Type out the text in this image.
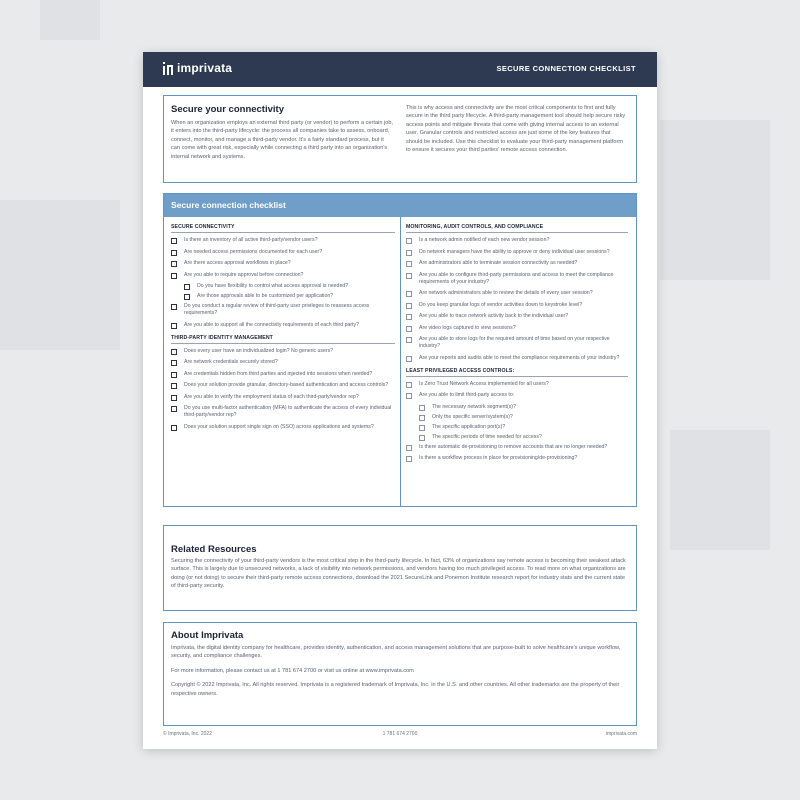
imprivata	SECURE CONNECTION CHECKLIST
Secure your connectivity
When an organization employs an external third party (or vendor) to perform a certain job, it enters into the third-party lifecycle: the process all companies take to assess, onboard, connect, monitor, and manage a third-party vendor. It's a fairly standard process, but it can come with great risk, especially while connecting a third party into an organization's internal network and systems.
This is why access and connectivity are the most critical components to first and fully secure in the third party lifecycle. A third-party management tool should help secure risky access points and mitigate threats that come with giving internal access to an external user. Granular controls and restricted access are just some of the key features that should be included. Use this checklist to evaluate your third-party management platform to ensure it secures your third parties' remote access connection.
Secure connection checklist
SECURE CONNECTIVITY
Is there an inventory of all active third-party/vendor users?
Are needed access permissions documented for each user?
Are there access approval workflows in place?
Are you able to require approval before connection?
Do you have flexibility to control what access approval is needed?
Are those approvals able to be customized per application?
Do you conduct a regular review of third-party user privileges to reassess access requirements?
Are you able to support all the connectivity requirements of each third party?
THIRD-PARTY IDENTITY MANAGEMENT
Does every user have an individualized login? No generic users?
Are network credentials securely stored?
Are credentials hidden from third parties and injected into sessions when needed?
Does your solution provide granular, directory-based authentication and access controls?
Are you able to verify the employment status of each third-party/vendor rep?
Do you use multi-factor authentication (MFA) to authenticate the access of every individual third-party/vendor rep?
Does your solution support single sign on (SSO) across applications and systems?
MONITORING, AUDIT CONTROLS, AND COMPLIANCE
Is a network admin notified of each new vendor session?
Do network managers have the ability to approve or deny individual user sessions?
Are administrators able to terminate session connectivity as needed?
Are you able to configure third-party permissions and access to meet the compliance requirements of your industry?
Are network administrators able to review the details of every user session?
Do you keep granular logs of vendor activities down to keystroke level?
Are you able to trace network activity back to the individual user?
Are video logs captured to view sessions?
Are you able to store logs for the required amount of time based on your respective industry?
Are your reports and audits able to meet the compliance requirements of your industry?
LEAST PRIVILEGED ACCESS CONTROLS:
Is Zero Trust Network Access implemented for all users?
Are you able to limit third-party access to:
The necessary network segment(s)?
Only the specific server/system(s)?
The specific application port(s)?
The specific periods of time needed for access?
Is there automatic de-provisioning to remove accounts that are no longer needed?
Is there a workflow process in place for provisioning/de-provisioning?
Related Resources
Securing the connectivity of your third-party vendors is the most critical step in the third-party lifecycle. In fact, 63% of organizations say remote access is becoming their weakest attack surface. This is largely due to unsecured networks, a lack of visibility into network permissions, and vendors having too much privileged access. To read more on what organizations are doing (or not doing) to secure their third-party remote access connections, download the 2021 SecureLink and Ponemon Institute research report for industry stats and the current state of third-party security.
About Imprivata
Imprivata, the digital identity company for healthcare, provides identity, authentication, and access management solutions that are purpose-built to solve healthcare's unique workflow, security, and compliance challenges.
For more information, please contact us at 1 781 674 2700 or visit us online at www.imprivata.com
Copyright © 2022 Imprivata, Inc. All rights reserved. Imprivata is a registered trademark of Imprivata, Inc. in the U.S. and other countries. All other trademarks are the property of their respective owners.
© Imprivata, Inc. 2022	1 781 674 2700	imprivata.com
